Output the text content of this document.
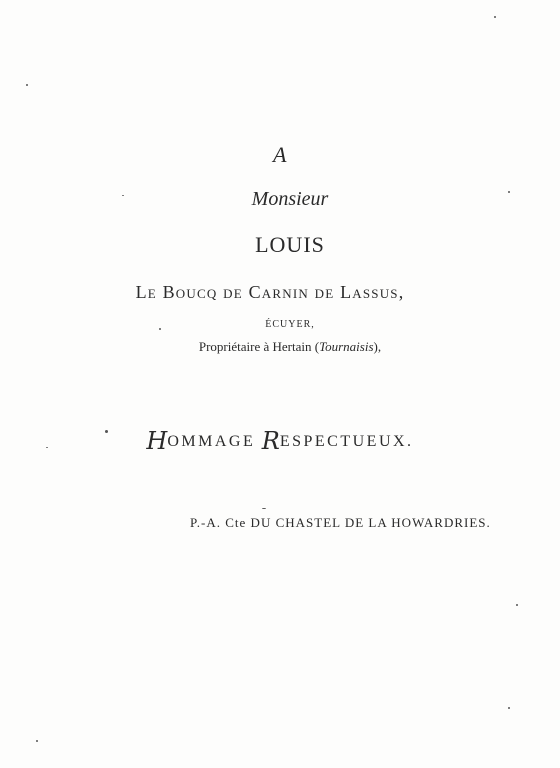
A
Monsieur
LOUIS
Le Boucq de Carnin de Lassus,
ÉCUYER,
Propriétaire à Hertain (Tournaisis),
HOMMAGE RESPECTUEUX.
P.-A. Cte DU CHASTEL DE LA HOWARDRIES.
